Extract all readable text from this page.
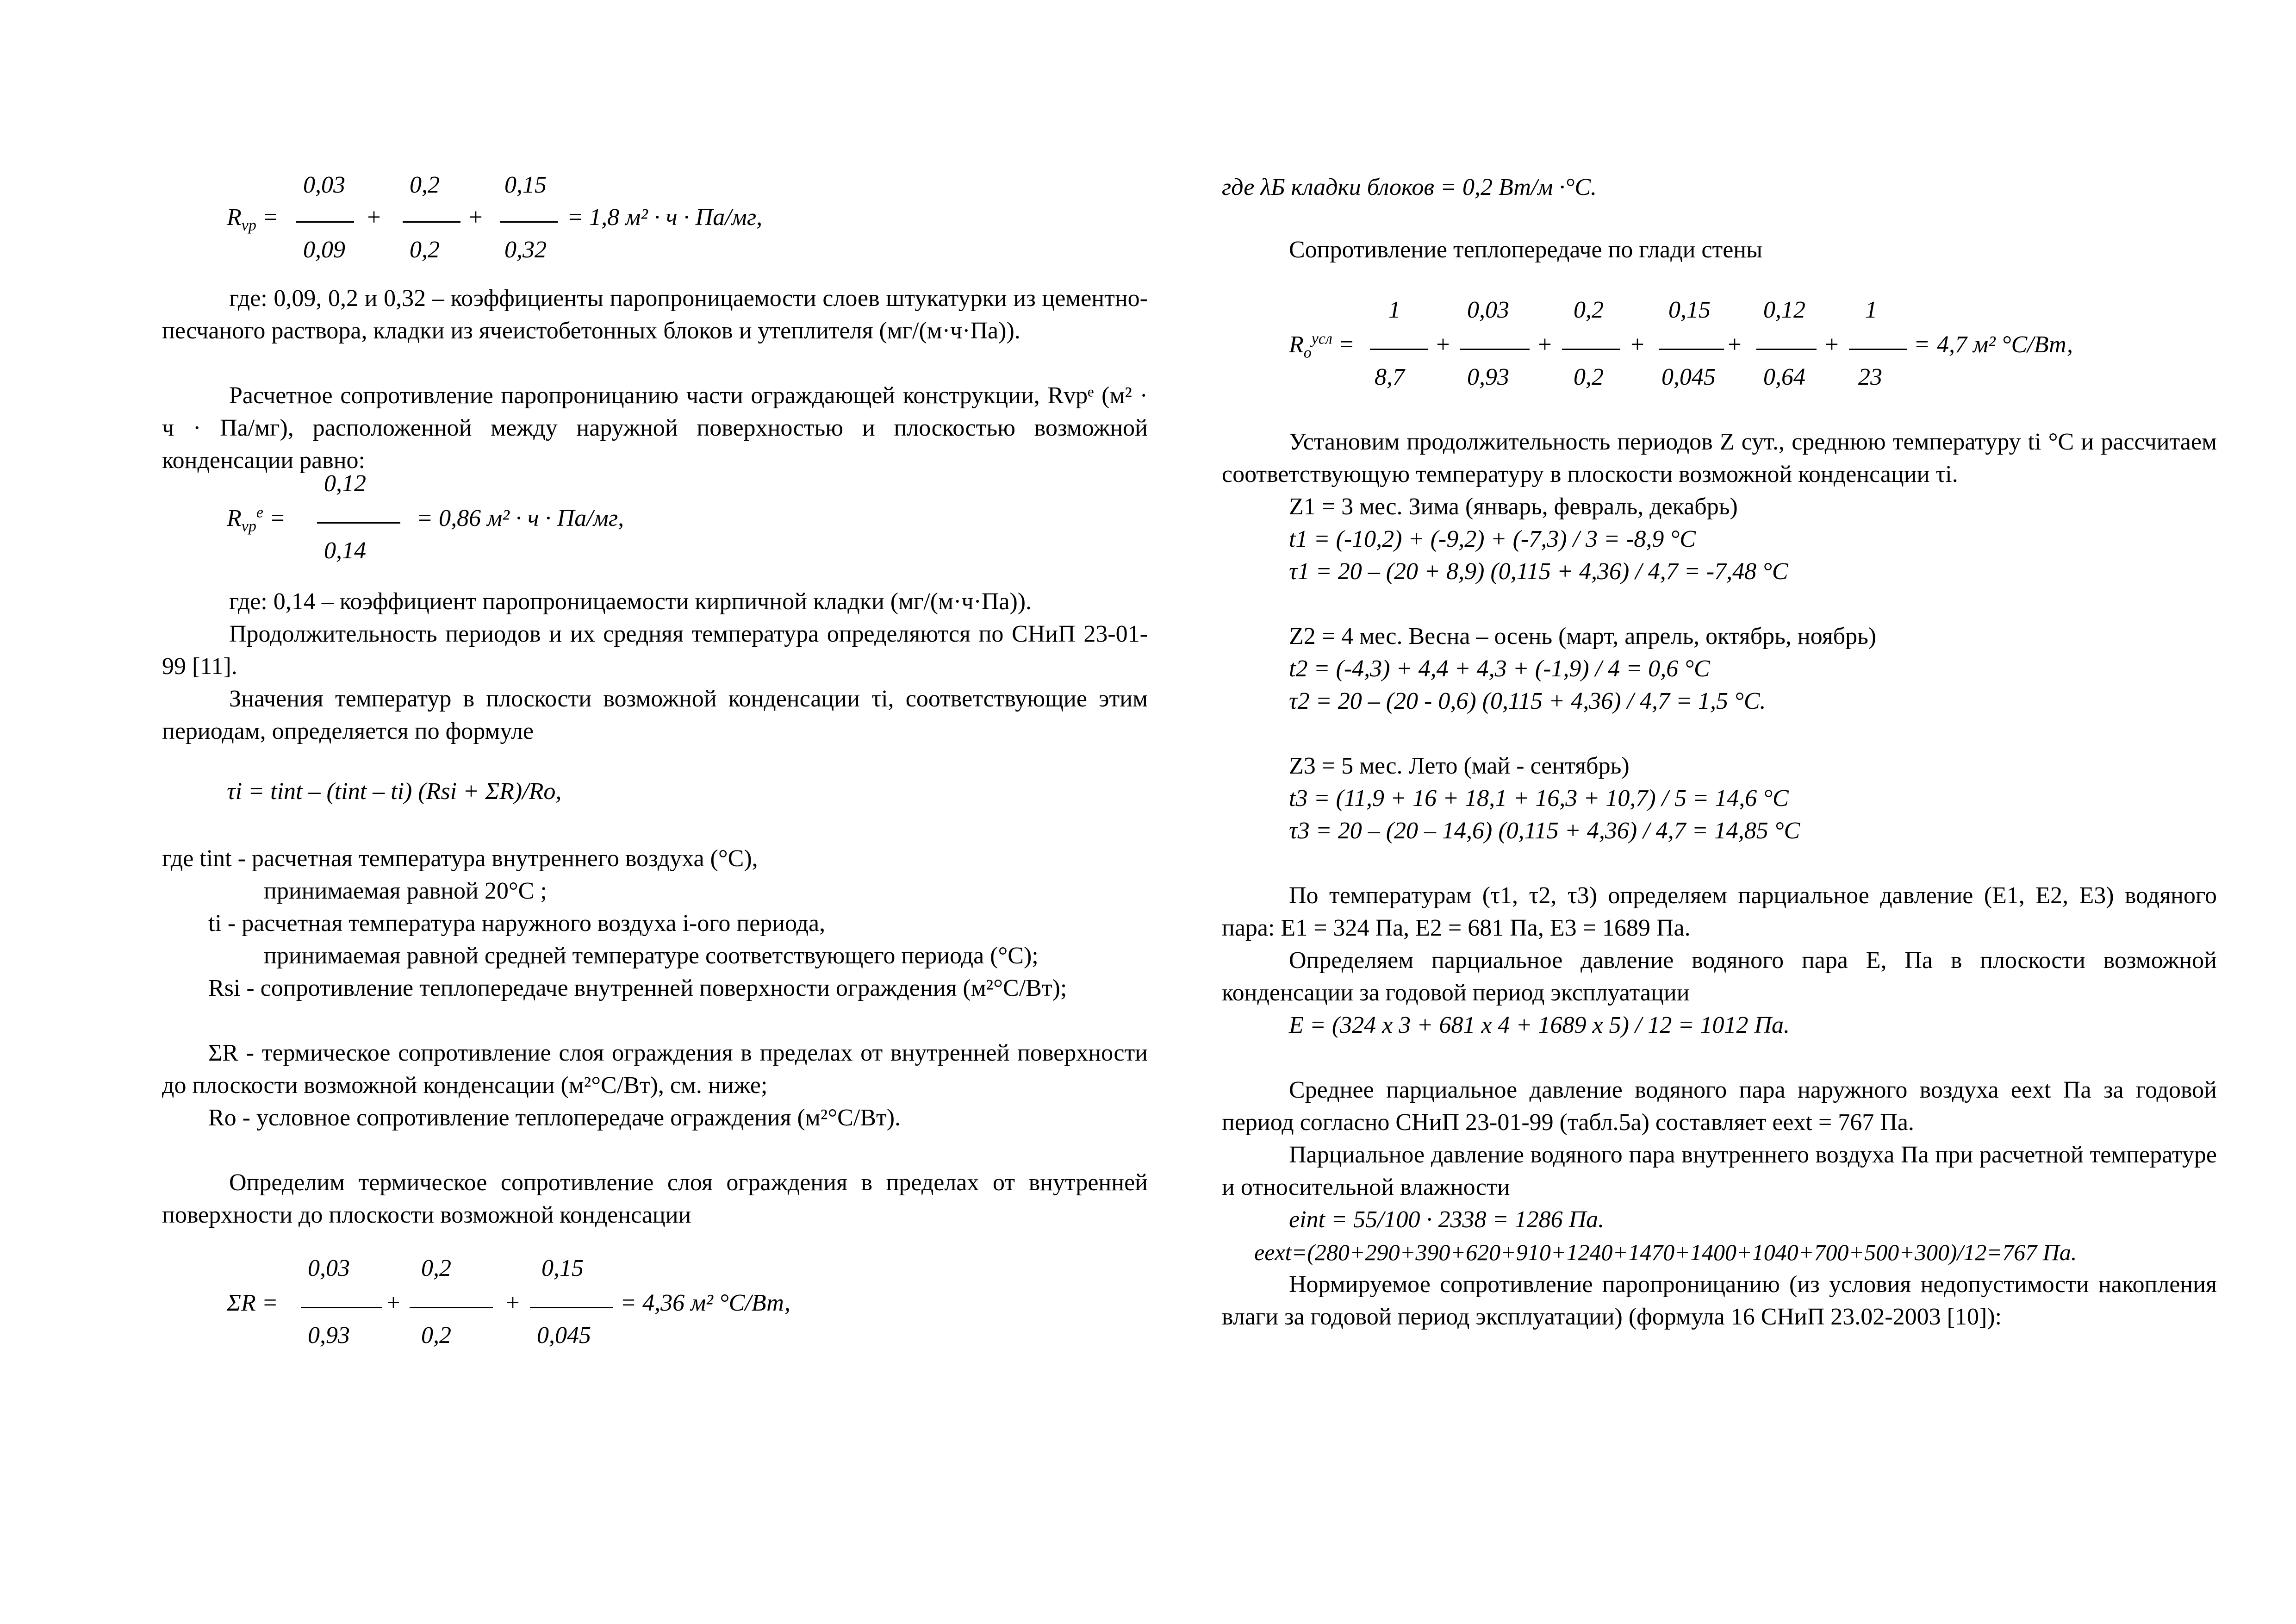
$R_{vp}$ =
0,03
0,09
+
0,2
0,2
+
0,15
0,32
= 1,8 м² · ч · Па/мг,
где: 0,09, 0,2 и 0,32 – коэффициенты паропроницаемости слоев штукатурки из цементно-песчаного раствора, кладки из ячеистобетонных блоков и утеплителя (мг/(м·ч·Па)).
Расчетное сопротивление паропроницанию части ограждающей конструкции, Rvpᵉ (м² · ч · Па/мг), расположенной между наружной поверхностью и плоскостью возможной конденсации равно:
$R_{vp}^e$ =
0,12
0,14
= 0,86 м² · ч · Па/мг,
где: 0,14 – коэффициент паропроницаемости кирпичной кладки (мг/(м·ч·Па)).
Продолжительность периодов и их средняя температура определяются по СНиП 23-01-99 [11].
Значения температур в плоскости возможной конденсации τi, соответствующие этим периодам, определяется по формуле
τi = tint – (tint – ti) (Rsi + ΣR)/Ro,
где tint - расчетная температура внутреннего воздуха (°С),
принимаемая равной 20°С ;
ti - расчетная температура наружного воздуха i-ого периода,
принимаемая равной средней температуре соответствующего периода (°С);
Rsi - сопротивление теплопередаче внутренней поверхности ограждения (м²°С/Вт);
ΣR - термическое сопротивление слоя ограждения в пределах от внутренней поверхности до плоскости возможной конденсации (м²°С/Вт), см. ниже;
Ro - условное сопротивление теплопередаче ограждения (м²°С/Вт).
Определим термическое сопротивление слоя ограждения в пределах от внутренней поверхности до плоскости возможной конденсации
ΣR =
0,03
0,93
+
0,2
0,2
+
0,15
0,045
= 4,36 м² °С/Вт,
где λБ кладки блоков = 0,2 Вт/м ·°С.
Сопротивление теплопередаче по глади стены
$R_o^{усл}$ =
1
8,7
+
0,03
0,93
+
0,2
0,2
+
0,15
0,045
+
0,12
0,64
+
1
23
= 4,7 м² °С/Вт,
Установим продолжительность периодов Z сут., среднюю температуру ti °С и рассчитаем соответствующую температуру в плоскости возможной конденсации τi.
Z1 = 3 мес. Зима (январь, февраль, декабрь)
t1 = (-10,2) + (-9,2) + (-7,3) / 3 = -8,9 °С
τ1 = 20 – (20 + 8,9) (0,115 + 4,36) / 4,7 = -7,48 °С
Z2 = 4 мес. Весна – осень (март, апрель, октябрь, ноябрь)
t2 = (-4,3) + 4,4 + 4,3 + (-1,9) / 4 = 0,6 °С
τ2 = 20 – (20 - 0,6) (0,115 + 4,36) / 4,7 = 1,5 °С.
Z3 = 5 мес. Лето (май - сентябрь)
t3 = (11,9 + 16 + 18,1 + 16,3 + 10,7) / 5 = 14,6 °С
τ3 = 20 – (20 – 14,6) (0,115 + 4,36) / 4,7 = 14,85 °С
По температурам (τ1, τ2, τ3) определяем парциальное давление (E1, E2, E3) водяного пара: E1 = 324 Па, E2 = 681 Па, E3 = 1689 Па.
Определяем парциальное давление водяного пара Е, Па в плоскости возможной конденсации за годовой период эксплуатации
E = (324 х 3 + 681 х 4 + 1689 х 5) / 12 = 1012 Па.
Среднее парциальное давление водяного пара наружного воздуха eext Па за годовой период согласно СНиП 23-01-99 (табл.5а) составляет eext = 767 Па.
Парциальное давление водяного пара внутреннего воздуха Па при расчетной температуре и относительной влажности
eint = 55/100 · 2338 = 1286 Па.
eext=(280+290+390+620+910+1240+1470+1400+1040+700+500+300)/12=767 Па.
Нормируемое сопротивление паропроницанию (из условия недопустимости накопления влаги за годовой период эксплуатации) (формула 16 СНиП 23.02-2003 [10]):
